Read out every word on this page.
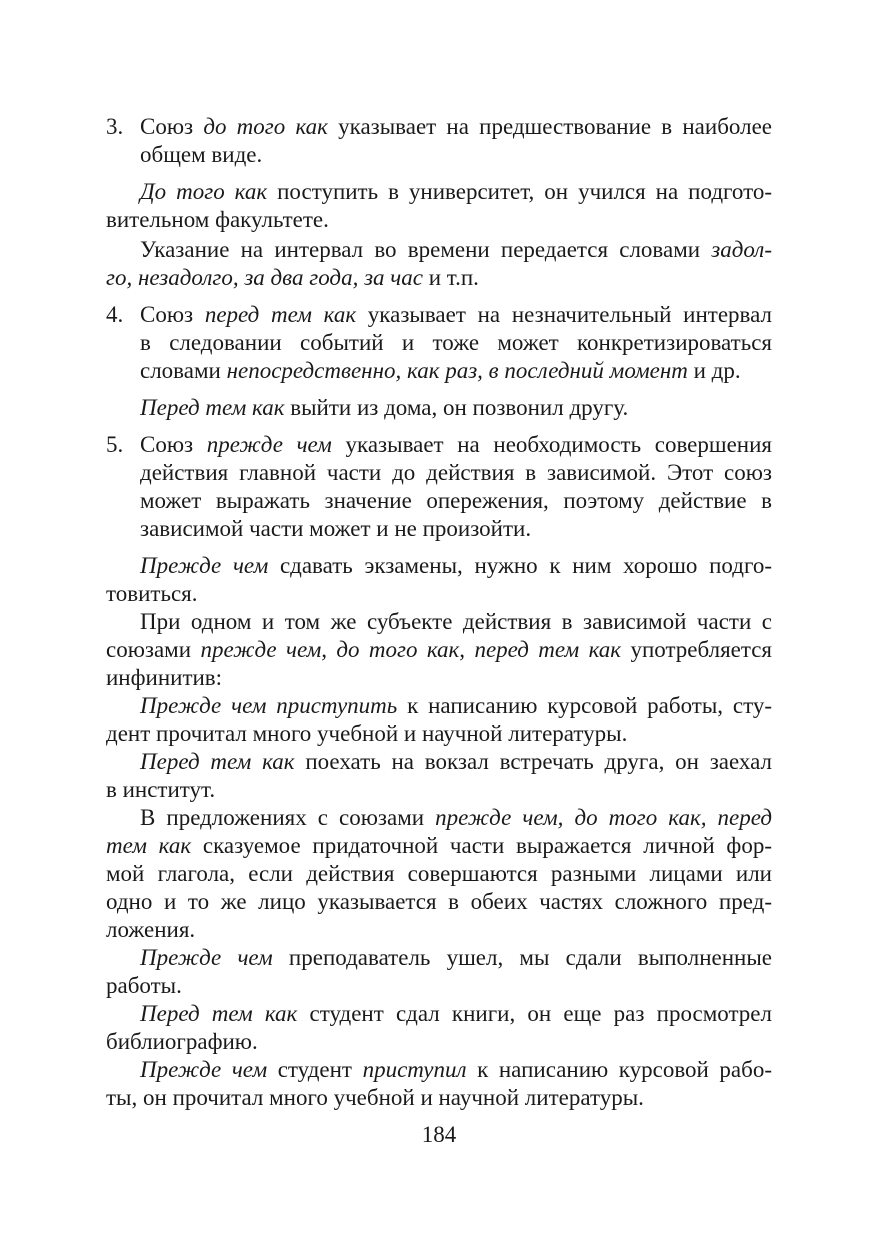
3. Союз до того как указывает на предшествование в наиболее
общем виде.
До того как поступить в университет, он учился на подгото-
вительном факультете.
Указание на интервал во времени передается словами задол-
го, незадолго, за два года, за час и т.п.
4. Союз перед тем как указывает на незначительный интервал
в следовании событий и тоже может конкретизироваться
словами непосредственно, как раз, в последний момент и др.
Перед тем как выйти из дома, он позвонил другу.
5. Союз прежде чем указывает на необходимость совершения
действия главной части до действия в зависимой. Этот союз
может выражать значение опережения, поэтому действие в
зависимой части может и не произойти.
Прежде чем сдавать экзамены, нужно к ним хорошо подго-
товиться.
При одном и том же субъекте действия в зависимой части с
союзами прежде чем, до того как, перед тем как употребляется
инфинитив:
Прежде чем приступить к написанию курсовой работы, сту-
дент прочитал много учебной и научной литературы.
Перед тем как поехать на вокзал встречать друга, он заехал
в институт.
В предложениях с союзами прежде чем, до того как, перед
тем как сказуемое придаточной части выражается личной фор-
мой глагола, если действия совершаются разными лицами или
одно и то же лицо указывается в обеих частях сложного пред-
ложения.
Прежде чем преподаватель ушел, мы сдали выполненные
работы.
Перед тем как студент сдал книги, он еще раз просмотрел
библиографию.
Прежде чем студент приступил к написанию курсовой рабо-
ты, он прочитал много учебной и научной литературы.
184
